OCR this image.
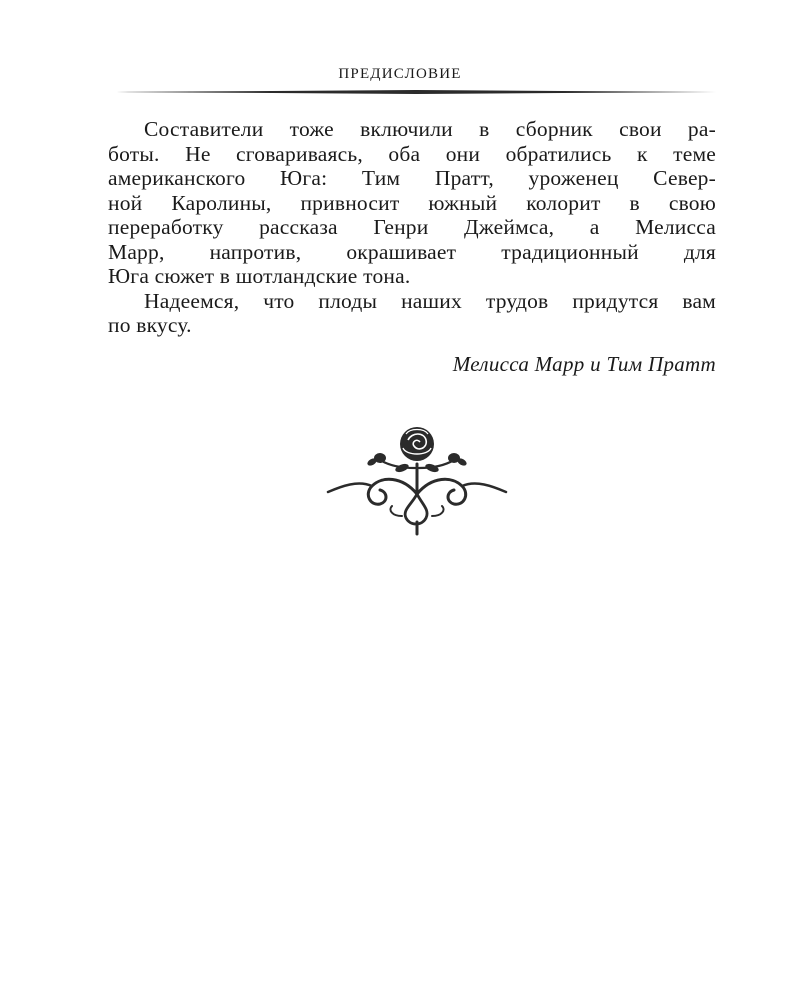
ПРЕДИСЛОВИЕ

Составители тоже включили в сборник свои ра-

боты. Не сговариваясь, оба они обратились к теме

американского Юга: Тим Пратт, уроженец Север-

ной Каролины, привносит южный колорит в свою

переработку рассказа Генри Джеймса, а Мелисса

Марр, напротив, окрашивает традиционный для

Юга сюжет в шотландские тона.

Надеемся, что плоды наших трудов придутся вам

по вкусу.

Мелисса Марр и Тим Пратт
